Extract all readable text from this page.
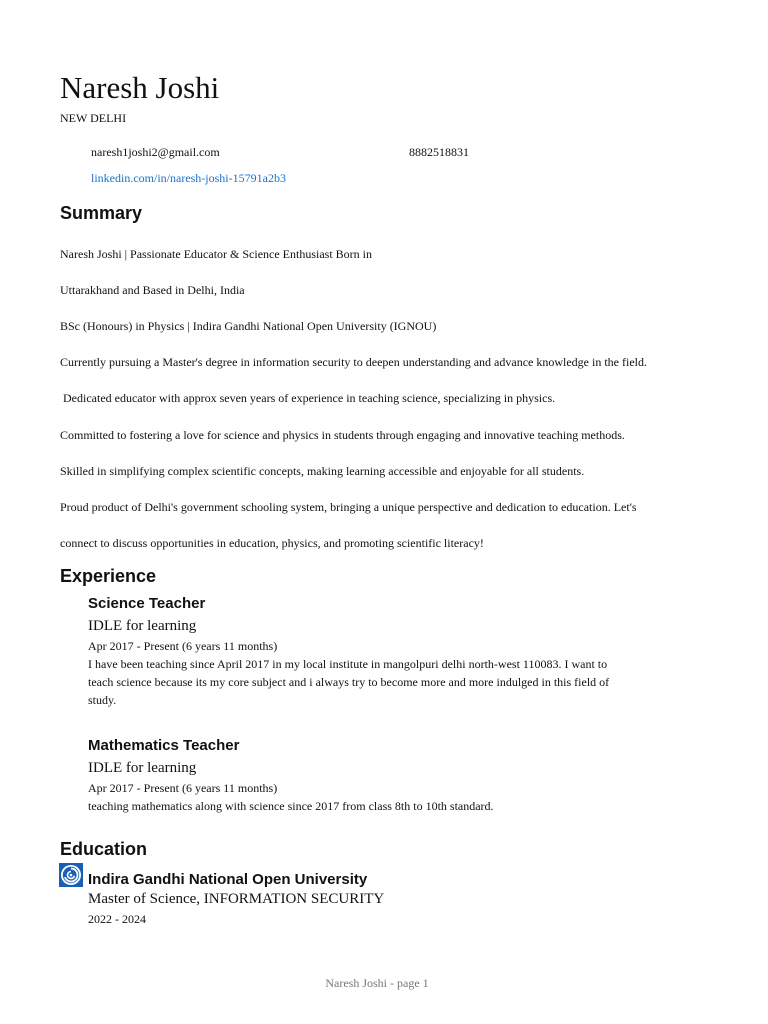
Naresh Joshi
NEW DELHI
naresh1joshi2@gmail.com	8882518831
linkedin.com/in/naresh-joshi-15791a2b3
Summary
Naresh Joshi | Passionate Educator & Science Enthusiast Born in
Uttarakhand and Based in Delhi, India
BSc (Honours) in Physics | Indira Gandhi National Open University (IGNOU)
Currently pursuing a Master's degree in information security to deepen understanding and advance knowledge in the field.
Dedicated educator with approx seven years of experience in teaching science, specializing in physics.
Committed to fostering a love for science and physics in students through engaging and innovative teaching methods.
Skilled in simplifying complex scientific concepts, making learning accessible and enjoyable for all students.
Proud product of Delhi's government schooling system, bringing a unique perspective and dedication to education. Let's
connect to discuss opportunities in education, physics, and promoting scientific literacy!
Experience
Science Teacher
IDLE for learning
Apr 2017 - Present (6 years 11 months)
I have been teaching since April 2017 in my local institute in mangolpuri delhi north-west 110083. I want to teach science because its my core subject and i always try to become more and more indulged in this field of study.
Mathematics Teacher
IDLE for learning
Apr 2017 - Present (6 years 11 months)
teaching mathematics along with science since 2017 from class 8th to 10th standard.
Education
Indira Gandhi National Open University
Master of Science, INFORMATION SECURITY
2022 - 2024
Naresh Joshi - page 1
